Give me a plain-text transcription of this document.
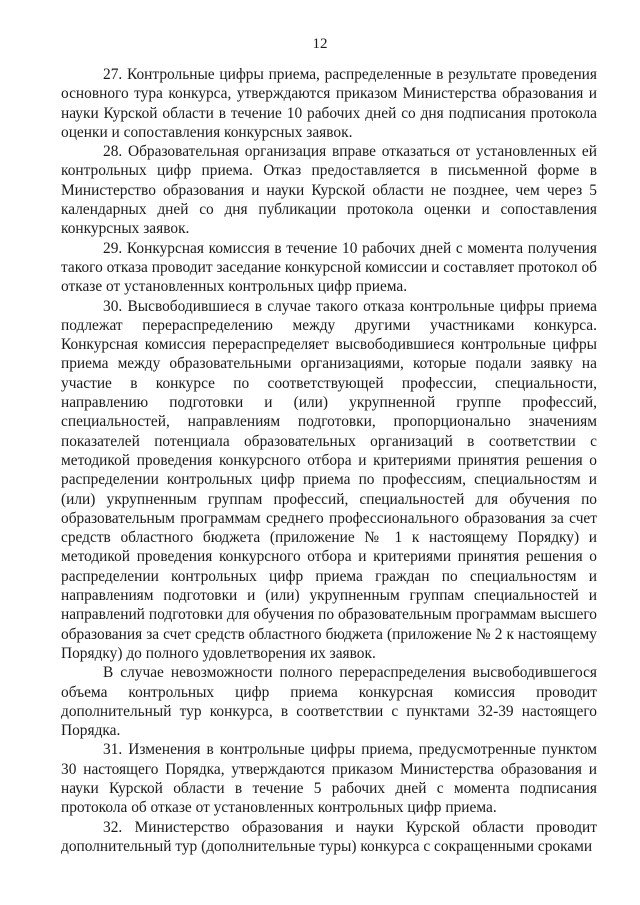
12

27. Контрольные цифры приема, распределенные в результате проведения основного тура конкурса, утверждаются приказом Министерства образования и науки Курской области в течение 10 рабочих дней со дня подписания протокола оценки и сопоставления конкурсных заявок.

28. Образовательная организация вправе отказаться от установленных ей контрольных цифр приема. Отказ предоставляется в письменной форме в Министерство образования и науки Курской области не позднее, чем через 5 календарных дней со дня публикации протокола оценки и сопоставления конкурсных заявок.

29. Конкурсная комиссия в течение 10 рабочих дней с момента получения такого отказа проводит заседание конкурсной комиссии и составляет протокол об отказе от установленных контрольных цифр приема.

30. Высвободившиеся в случае такого отказа контрольные цифры приема подлежат перераспределению между другими участниками конкурса. Конкурсная комиссия перераспределяет высвободившиеся контрольные цифры приема между образовательными организациями, которые подали заявку на участие в конкурсе по соответствующей профессии, специальности, направлению подготовки и (или) укрупненной группе профессий, специальностей, направлениям подготовки, пропорционально значениям показателей потенциала образовательных организаций в соответствии с методикой проведения конкурсного отбора и критериями принятия решения о распределении контрольных цифр приема по профессиям, специальностям и (или) укрупненным группам профессий, специальностей для обучения по образовательным программам среднего профессионального образования за счет средств областного бюджета (приложение № 1 к настоящему Порядку) и методикой проведения конкурсного отбора и критериями принятия решения о распределении контрольных цифр приема граждан по специальностям и направлениям подготовки и (или) укрупненным группам специальностей и направлений подготовки для обучения по образовательным программам высшего образования за счет средств областного бюджета (приложение № 2 к настоящему Порядку) до полного удовлетворения их заявок.

В случае невозможности полного перераспределения высвободившегося объема контрольных цифр приема конкурсная комиссия проводит дополнительный тур конкурса, в соответствии с пунктами 32-39 настоящего Порядка.

31. Изменения в контрольные цифры приема, предусмотренные пунктом 30 настоящего Порядка, утверждаются приказом Министерства образования и науки Курской области в течение 5 рабочих дней с момента подписания протокола об отказе от установленных контрольных цифр приема.

32. Министерство образования и науки Курской области проводит дополнительный тур (дополнительные туры) конкурса с сокращенными сроками
